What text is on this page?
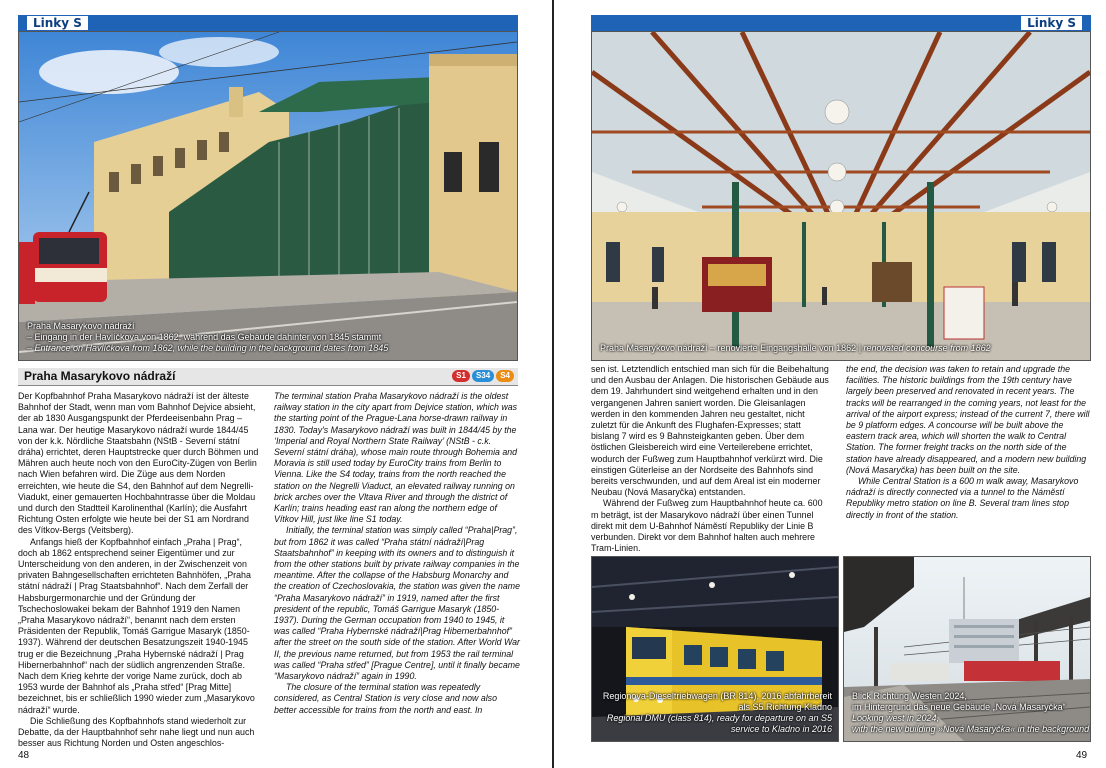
Linky S
Praha Masarykovo nádraží
– Eingang in der Havlíčkova von 1862, während das Gebäude dahinter von 1845 stammt
– Entrance on Havlíčkova from 1862, while the building in the background dates from 1845
Praha Masarykovo nádraží	S1	S34	S4

Der Kopfbahnhof Praha Masarykovo nádraží ist der älteste Bahnhof der Stadt, wenn man vom Bahnhof Dejvice absieht, der ab 1830 Ausgangspunkt der Pferdeeisenbahn Prag – Lana war. Der heutige Masarykovo nádraží wurde 1844/45 von der k.k. Nördliche Staatsbahn (NStB - Severní státní dráha) errichtet, deren Hauptstrecke quer durch Böhmen und Mähren auch heute noch von den EuroCity-Zügen von Berlin nach Wien befahren wird. Die Züge aus dem Norden erreichten, wie heute die S4, den Bahnhof auf dem Negrelli-Viadukt, einer gemauerten Hochbahntrasse über die Moldau und durch den Stadtteil Karolinenthal (Karlín); die Ausfahrt Richtung Osten erfolgte wie heute bei der S1 am Nordrand des Vítkov-Bergs (Veitsberg).

Anfangs hieß der Kopfbahnhof einfach „Praha | Prag“, doch ab 1862 entsprechend seiner Eigentümer und zur Unterscheidung von den anderen, in der Zwischenzeit von privaten Bahngesellschaften errichteten Bahnhöfen, „Praha státní nádraží | Prag Staatsbahnhof“. Nach dem Zerfall der Habsburgermonarchie und der Gründung der Tschechoslowakei bekam der Bahnhof 1919 den Namen „Praha Masarykovo nádraží“, benannt nach dem ersten Präsidenten der Republik, Tomáš Garrigue Masaryk (1850-1937). Während der deutschen Besatzungszeit 1940-1945 trug er die Bezeichnung „Praha Hybernské nádraží | Prag Hibernerbahnhof“ nach der südlich angrenzenden Straße. Nach dem Krieg kehrte der vorige Name zurück, doch ab 1953 wurde der Bahnhof als „Praha střed“ [Prag Mitte] bezeichnet, bis er schließlich 1990 wieder zum „Masarykovo nádraží“ wurde.

Die Schließung des Kopfbahnhofs stand wiederholt zur Debatte, da der Hauptbahnhof sehr nahe liegt und nun auch besser aus Richtung Norden und Osten angeschlos-

The terminal station Praha Masarykovo nádraží is the oldest railway station in the city apart from Dejvice station, which was the starting point of the Prague-Lana horse-drawn railway in 1830. Today's Masarykovo nádraží was built in 1844/45 by the ‘Imperial and Royal Northern State Railway’ (NStB - c.k. Severní státní dráha), whose main route through Bohemia and Moravia is still used today by EuroCity trains from Berlin to Vienna. Like the S4 today, trains from the north reached the station on the Negrelli Viaduct, an elevated railway running on brick arches over the Vltava River and through the district of Karlín; trains heading east ran along the northern edge of Vítkov Hill, just like line S1 today.

Initially, the terminal station was simply called “Praha|Prag”, but from 1862 it was called “Praha státní nádraží|Prag Staatsbahnhof” in keeping with its owners and to distinguish it from the other stations built by private railway companies in the meantime. After the collapse of the Habsburg Monarchy and the creation of Czechoslovakia, the station was given the name “Praha Masarykovo nádraží” in 1919, named after the first president of the republic, Tomáš Garrigue Masaryk (1850-1937). During the German occupation from 1940 to 1945, it was called “Praha Hybernské nádraží|Prag Hibernerbahnhof” after the street on the south side of the station. After World War II, the previous name returned, but from 1953 the rail terminal was called “Praha střed” [Prague Centre], until it finally became “Masarykovo nádraží” again in 1990.

The closure of the terminal station was repeatedly considered, as Central Station is very close and now also better accessible for trains from the north and east. In

48
Linky S
Praha Masarykovo nádraží – renovierte Eingangshalle von 1862 | renovated concourse from 1862

sen ist. Letztendlich entschied man sich für die Beibehaltung und den Ausbau der Anlagen. Die historischen Gebäude aus dem 19. Jahrhundert sind weitgehend erhalten und in den vergangenen Jahren saniert worden. Die Gleisanlagen werden in den kommenden Jahren neu gestaltet, nicht zuletzt für die Ankunft des Flughafen-Expresses; statt bislang 7 wird es 9 Bahnsteigkanten geben. Über dem östlichen Gleisbereich wird eine Verteilerebene errichtet, wodurch der Fußweg zum Hauptbahnhof verkürzt wird. Die einstigen Güterleise an der Nordseite des Bahnhofs sind bereits verschwunden, und auf dem Areal ist ein moderner Neubau (Nová Masaryčka) entstanden.

Während der Fußweg zum Hauptbahnhof heute ca. 600 m beträgt, ist der Masarykovo nádraží über einen Tunnel direkt mit dem U-Bahnhof Náměstí Republiky der Linie B verbunden. Direkt vor dem Bahnhof halten auch mehrere Tram-Linien.

the end, the decision was taken to retain and upgrade the facilities. The historic buildings from the 19th century have largely been preserved and renovated in recent years. The tracks will be rearranged in the coming years, not least for the arrival of the airport express; instead of the current 7, there will be 9 platform edges. A concourse will be built above the eastern track area, which will shorten the walk to Central Station. The former freight tracks on the north side of the station have already disappeared, and a modern new building (Nová Masaryčka) has been built on the site.

While Central Station is a 600 m walk away, Masarykovo nádraží is directly connected via a tunnel to the Náměstí Republiky metro station on line B. Several tram lines stop directly in front of the station.

Regionova-Dieseltriebwagen (BR 814), 2016 abfahrbereit als S5 Richtung Kladno
Regional DMU (class 814), ready for departure on an S5 service to Kladno in 2016
Blick Richtung Westen 2024,
im Hintergrund das neue Gebäude „Nová Masaryčka“
Looking west in 2024,
with the new building »Nová Masaryčka« in the background
49
